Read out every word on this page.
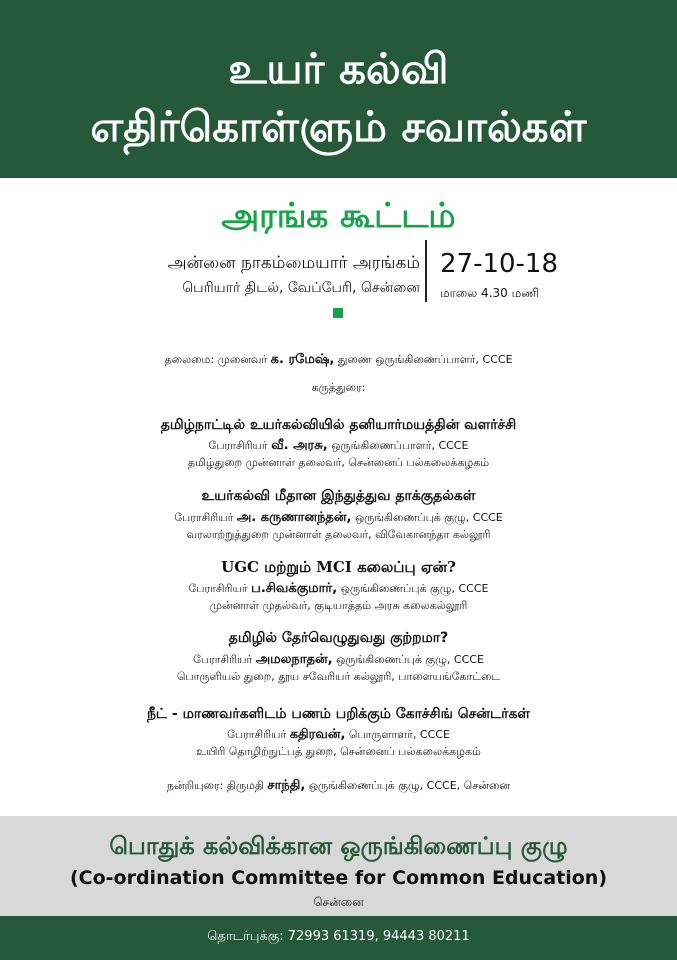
உயர் கல்வி
எதிர்கொள்ளும் சவால்கள்
அரங்க கூட்டம்
அன்னை நாகம்மையார் அரங்கம்
பெரியார் திடல், வேப்பேரி, சென்னை
27-10-18
மாலை 4.30 மணி
தலைமை: முனைவர் க. ரமேஷ், துணை ஒருங்கிணைப்பாளர், CCCE
கருத்துரை:
தமிழ்நாட்டில் உயர்கல்வியில் தனியார்மயத்தின் வளர்ச்சி
பேராசிரியர் வீ. அரசு, ஒருங்கிணைப்பாளர், CCCE
தமிழ்துறை முன்னாள் தலைவர், சென்னைப் பல்கலைக்கழகம்
உயர்கல்வி மீதான இந்துத்துவ தாக்குதல்கள்
பேராசிரியர் அ. கருணானந்தன், ஒருங்கிணைப்புக் குழு, CCCE
வரலாற்றுத்துறை முன்னாள் தலைவர், விவேகானந்தா கல்லூரி
UGC மற்றும் MCI கலைப்பு ஏன்?
பேராசிரியர் ப.சிவக்குமார், ஒருங்கிணைப்புக் குழு, CCCE
முன்னாள் முதல்வர், குடியாத்தம் அரசு கலைகல்லூரி
தமிழில் தேர்வெழுதுவது குற்றமா?
பேராசிரியர் அமலநாதன், ஒருங்கிணைப்புக் குழு, CCCE
பொருளியல் துறை, தூய சவேரியர் கல்லூரி, பாளையங்கோட்டை
நீட் - மாணவர்களிடம் பணம் பறிக்கும் கோச்சிங் சென்டர்கள்
பேராசிரியர் கதிரவன், பொருளாளர், CCCE
உயிரி தொழிற்நுட்பத் துறை, சென்னைப் பல்கலைக்கழகம்
நன்றியுரை: திருமதி சாந்தி, ஒருங்கிணைப்புக் குழு, CCCE, சென்னை
பொதுக் கல்விக்கான ஒருங்கிணைப்பு குழு
(Co-ordination Committee for Common Education)
சென்னை
தொடர்புக்கு: 72993 61319, 94443 80211
